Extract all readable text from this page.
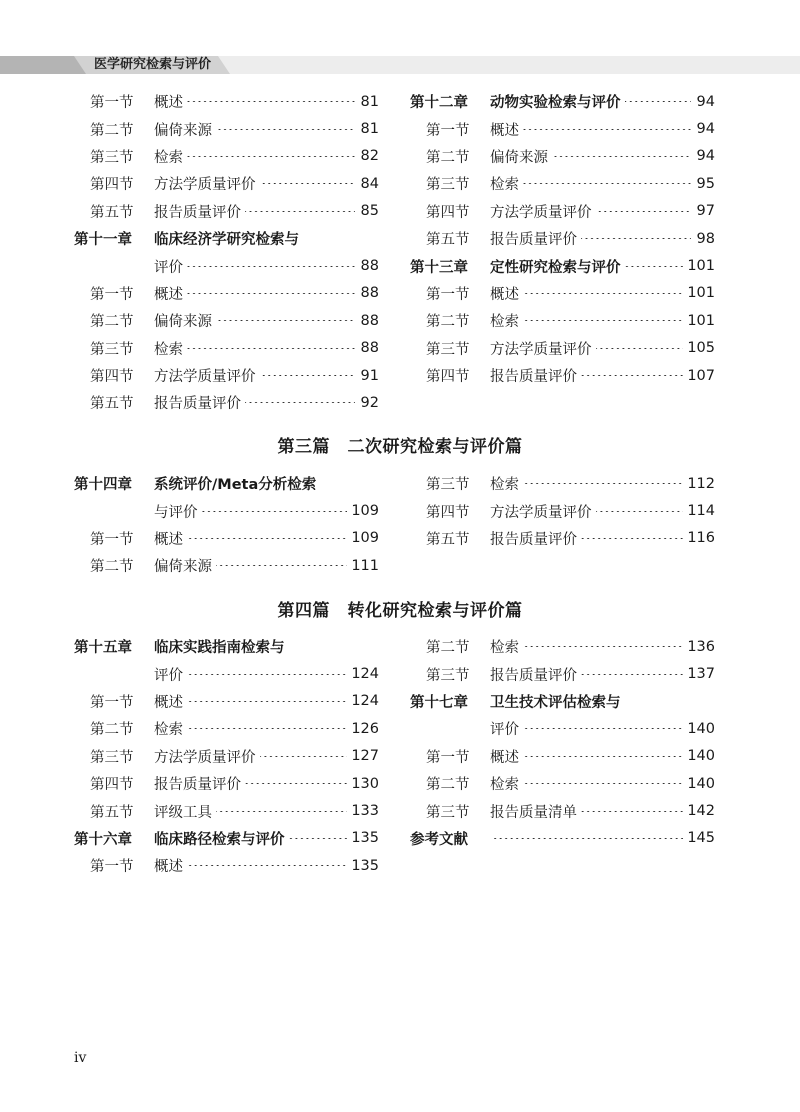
医学研究检索与评价
第一节	概述	81
第二节	偏倚来源	81
第三节	检索	82
第四节	方法学质量评价	84
第五节	报告质量评价	85
第十一章	临床经济学研究检索与
评价	88
第一节	概述	88
第二节	偏倚来源	88
第三节	检索	88
第四节	方法学质量评价	91
第五节	报告质量评价	92
第十二章	动物实验检索与评价	94
第一节	概述	94
第二节	偏倚来源	94
第三节	检索	95
第四节	方法学质量评价	97
第五节	报告质量评价	98
第十三章	定性研究检索与评价	101
第一节	概述	101
第二节	检索	101
第三节	方法学质量评价	105
第四节	报告质量评价	107
第三篇　二次研究检索与评价篇
第十四章	系统评价/Meta分析检索
与评价	109
第一节	概述	109
第二节	偏倚来源	111
第三节	检索	112
第四节	方法学质量评价	114
第五节	报告质量评价	116
第四篇　转化研究检索与评价篇
第十五章	临床实践指南检索与
评价	124
第一节	概述	124
第二节	检索	126
第三节	方法学质量评价	127
第四节	报告质量评价	130
第五节	评级工具	133
第十六章	临床路径检索与评价	135
第一节	概述	135
第二节	检索	136
第三节	报告质量评价	137
第十七章	卫生技术评估检索与
评价	140
第一节	概述	140
第二节	检索	140
第三节	报告质量清单	142
参考文献	145
iv
